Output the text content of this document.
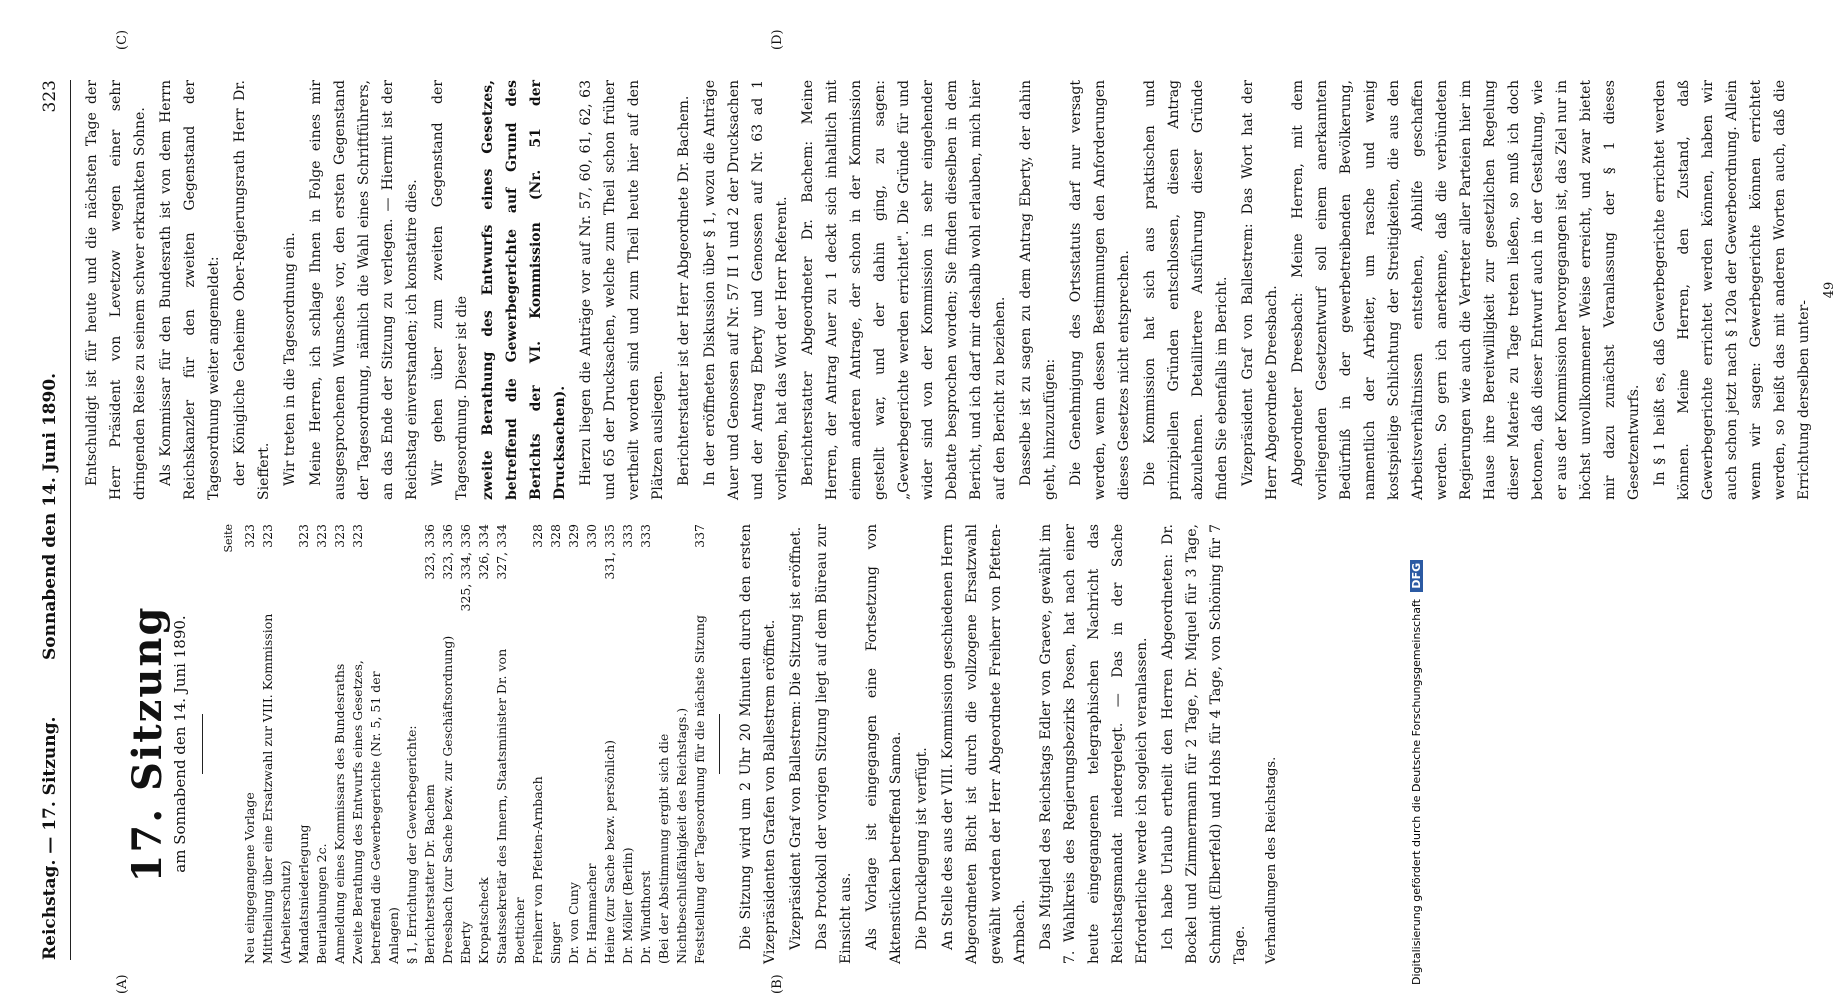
Reichstag. — 17. Sitzung.
Sonnabend den 14. Juni 1890.
323
(A)	(B)
(C)	(D)
17. Sitzung am Sonnabend den 14. Juni 1890.
Seite
Neu eingegangene Vorlage	323
Mittheilung über eine Ersatzwahl zur VIII. Kommission (Arbeiterschutz)	323
Mandatsniederlegung	323
Beurlaubungen 2c.	323
Anmeldung eines Kommissars des Bundesraths	323
Zweite Berathung des Entwurfs eines Gesetzes, betreffend die Gewerbegerichte (Nr. 5, 51 der Anlagen)	323
§ 1, Errichtung der Gewerbegerichte:	
Berichterstatter Dr. Bachem	323, 336
Dreesbach (zur Sache bezw. zur Geschäftsordnung)	323, 336
Eberty	325, 334, 336
Kropatscheck	326, 334
Staatssekretär des Innern, Staatsminister Dr. von Boetticher	327, 334
Freiherr von Pfetten-Arnbach	328
Singer	328
Dr. von Cuny	329
Dr. Hammacher	330
Heine (zur Sache bezw. persönlich)	331, 335
Dr. Möller (Berlin)	333
Dr. Windthorst	333
(Bei der Abstimmung ergibt sich die Nichtbeschlußfähigkeit des Reichstags.)	
Feststellung der Tagesordnung für die nächste Sitzung	337 Die Sitzung wird um 2 Uhr 20 Minuten durch den ersten Vizepräsidenten Grafen von Ballestrem eröffnet. Vizepräsident Graf von Ballestrem: Die Sitzung ist eröffnet. Das Protokoll der vorigen Sitzung liegt auf dem Büreau zur Einsicht aus. Als Vorlage ist eingegangen eine Fortsetzung von Aktenstücken betreffend Samoa. Die Drucklegung ist verfügt. An Stelle des aus der VIII. Kommission geschiedenen Herrn Abgeordneten Bicht ist durch die vollzogene Ersatzwahl gewählt worden der Herr Abgeordnete Freiherr von Pfetten-Arnbach. Das Mitglied des Reichstags Edler von Graeve, gewählt im 7. Wahlkreis des Regierungsbezirks Posen, hat nach einer heute eingegangenen telegraphischen Nachricht das Reichstagsmandat niedergelegt. — Das in der Sache Erforderliche werde ich sogleich veranlassen. Ich habe Urlaub ertheilt den Herren Abgeordneten: Dr. Bockel und Zimmermann für 2 Tage, Dr. Miquel für 3 Tage, Schmidt (Elberfeld) und Hohs für 4 Tage, von Schöning für 7 Tage.	Verhandlungen des Reichstags.

Entschuldigt ist für heute und die nächsten Tage der Herr Präsident von Levetzow wegen einer sehr dringenden Reise zu seinem schwer erkrankten Sohne. Als Kommissar für den Bundesrath ist von dem Herrn Reichskanzler für den zweiten Gegenstand der Tagesordnung weiter angemeldet: der Königliche Geheime Ober-Regierungsrath Herr Dr. Sieffert. Wir treten in die Tagesordnung ein. Meine Herren, ich schlage Ihnen in Folge eines mir ausgesprochenen Wunsches vor, den ersten Gegenstand der Tagesordnung, nämlich die Wahl eines Schriftführers, an das Ende der Sitzung zu verlegen. — Hiermit ist der Reichstag einverstanden; ich konstatire dies. Wir gehen über zum zweiten Gegenstand der Tagesordnung. Dieser ist die zweite Berathung des Entwurfs eines Gesetzes, betreffend die Gewerbegerichte auf Grund des Berichts der VI. Kommission (Nr. 51 der Drucksachen). Hierzu liegen die Anträge vor auf Nr. 57, 60, 61, 62, 63 und 65 der Drucksachen, welche zum Theil schon früher vertheilt worden sind und zum Theil heute hier auf den Plätzen ausliegen. Berichterstatter ist der Herr Abgeordnete Dr. Bachem. In der eröffneten Diskussion über § 1, wozu die Anträge Auer und Genossen auf Nr. 57 II 1 und 2 der Drucksachen und der Antrag Eberty und Genossen auf Nr. 63 ad 1 vorliegen, hat das Wort der Herr Referent. Berichterstatter Abgeordneter Dr. Bachem: Meine Herren, der Antrag Auer zu 1 deckt sich inhaltlich mit einem anderen Antrage, der schon in der Kommission gestellt war, und der dahin ging, zu sagen: „Gewerbegerichte werden errichtet". Die Gründe für und wider sind von der Kommission in sehr eingehender Debatte besprochen worden; Sie finden dieselben in dem Bericht, und ich darf mir deshalb wohl erlauben, mich hier auf den Bericht zu beziehen. Dasselbe ist zu sagen zu dem Antrag Eberty, der dahin geht, hinzuzufügen: Die Genehmigung des Ortsstatuts darf nur versagt werden, wenn dessen Bestimmungen den Anforderungen dieses Gesetzes nicht entsprechen. Die Kommission hat sich aus praktischen und prinzipiellen Gründen entschlossen, diesen Antrag abzulehnen. Detaillirtere Ausführung dieser Gründe finden Sie ebenfalls im Bericht. Vizepräsident Graf von Ballestrem: Das Wort hat der Herr Abgeordnete Dreesbach. Abgeordneter Dreesbach: Meine Herren, mit dem vorliegenden Gesetzentwurf soll einem anerkannten Bedürfniß in der gewerbetreibenden Bevölkerung, namentlich der Arbeiter, um rasche und wenig kostspielige Schlichtung der Streitigkeiten, die aus den Arbeitsverhältnissen entstehen, Abhilfe geschaffen werden. So gern ich anerkenne, daß die verbündeten Regierungen wie auch die Vertreter aller Parteien hier im Hause ihre Bereitwilligkeit zur gesetzlichen Regelung dieser Materie zu Tage treten ließen, so muß ich doch betonen, daß dieser Entwurf auch in der Gestaltung, wie er aus der Kommission hervorgegangen ist, das Ziel nur in höchst unvollkommener Weise erreicht, und zwar bietet mir dazu zunächst Veranlassung der § 1 dieses Gesetzentwurfs. In § 1 heißt es, daß Gewerbegerichte errichtet werden können. Meine Herren, den Zustand, daß Gewerbegerichte errichtet werden können, haben wir auch schon jetzt nach § 120a der Gewerbeordnung. Allein wenn wir sagen: Gewerbegerichte können errichtet werden, so heißt das mit anderen Worten auch, daß die Errichtung derselben unter-

49
Digitalisierung gefördert durch die Deutsche Forschungsgemeinschaft DFG
